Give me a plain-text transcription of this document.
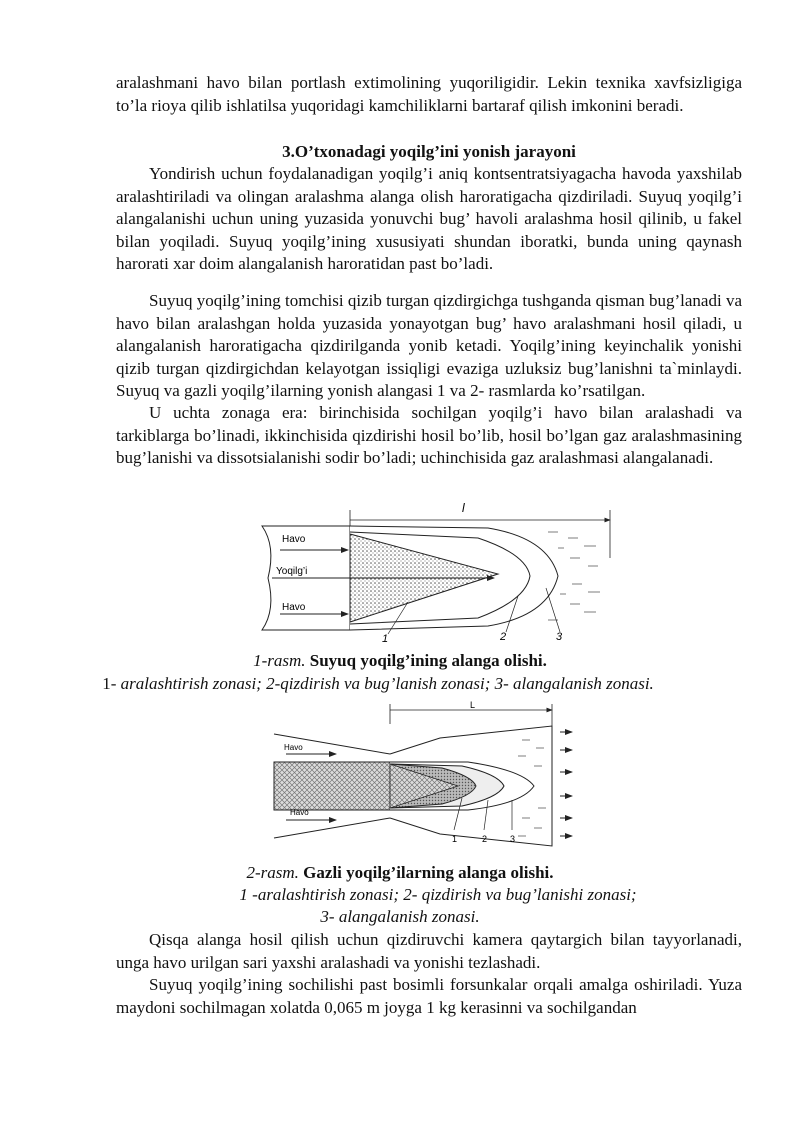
aralashmani havo bilan portlash extimolining yuqoriligidir. Lekin texnika xavfsizligiga to’la rioya qilib ishlatilsa yuqoridagi kamchiliklarni bartaraf qilish imkonini beradi.

3.O’txonadagi yoqilg’ini yonish jarayoni

Yondirish uchun foydalanadigan yoqilg’i aniq kontsentratsiyagacha havoda yaxshilab aralashtiriladi va olingan aralashma alanga olish haroratigacha qizdiriladi. Suyuq yoqilg’i alangalanishi uchun uning yuzasida yonuvchi bug’ havoli aralashma hosil qilinib, u fakel bilan yoqiladi. Suyuq yoqilg’ining xususiyati shundan iboratki, bunda uning qaynash harorati xar doim alangalanish haroratidan past bo’ladi.

Suyuq yoqilg’ining tomchisi qizib turgan qizdirgichga tushganda qisman bug’lanadi va havo bilan aralashgan holda yuzasida yonayotgan bug’ havo aralashmani hosil qiladi, u alangalanish haroratigacha qizdirilganda yonib ketadi. Yoqilg’ining keyinchalik yonishi qizib turgan qizdirgichdan kelayotgan issiqligi evaziga uzluksiz bug’lanishni ta`minlaydi. Suyuq va gazli yoqilg’ilarning yonish alangasi 1 va 2- rasmlarda ko’rsatilgan.

U uchta zonaga era: birinchisida sochilgan yoqilg’i havo bilan aralashadi va tarkiblarga bo’linadi, ikkinchisida qizdirishi hosil bo’lib, hosil bo’lgan gaz aralashmasining bug’lanishi va dissotsialanishi sodir bo’ladi; uchinchisida gaz aralashmasi alangalanadi.

l
Havo
Yoqilg’i
Havo
1	2	3
1-rasm. Suyuq yoqilg’ining alanga olishi.
1- aralashtirish zonasi; 2-qizdirish va bug’lanish zonasi; 3- alangalanish zonasi.
L
Havo
Havo
1	2	3
2-rasm. Gazli yoqilg’ilarning alanga olishi.
1 -aralashtirish zonasi; 2- qizdirish va bug’lanishi zonasi;
3- alangalanish zonasi.

Qisqa alanga hosil qilish uchun qizdiruvchi kamera qaytargich bilan tayyorlanadi, unga havo urilgan sari yaxshi aralashadi va yonishi tezlashadi.

Suyuq yoqilg’ining sochilishi past bosimli forsunkalar orqali amalga oshiriladi. Yuza maydoni sochilmagan xolatda 0,065 m joyga 1 kg kerasinni va sochilgandan
